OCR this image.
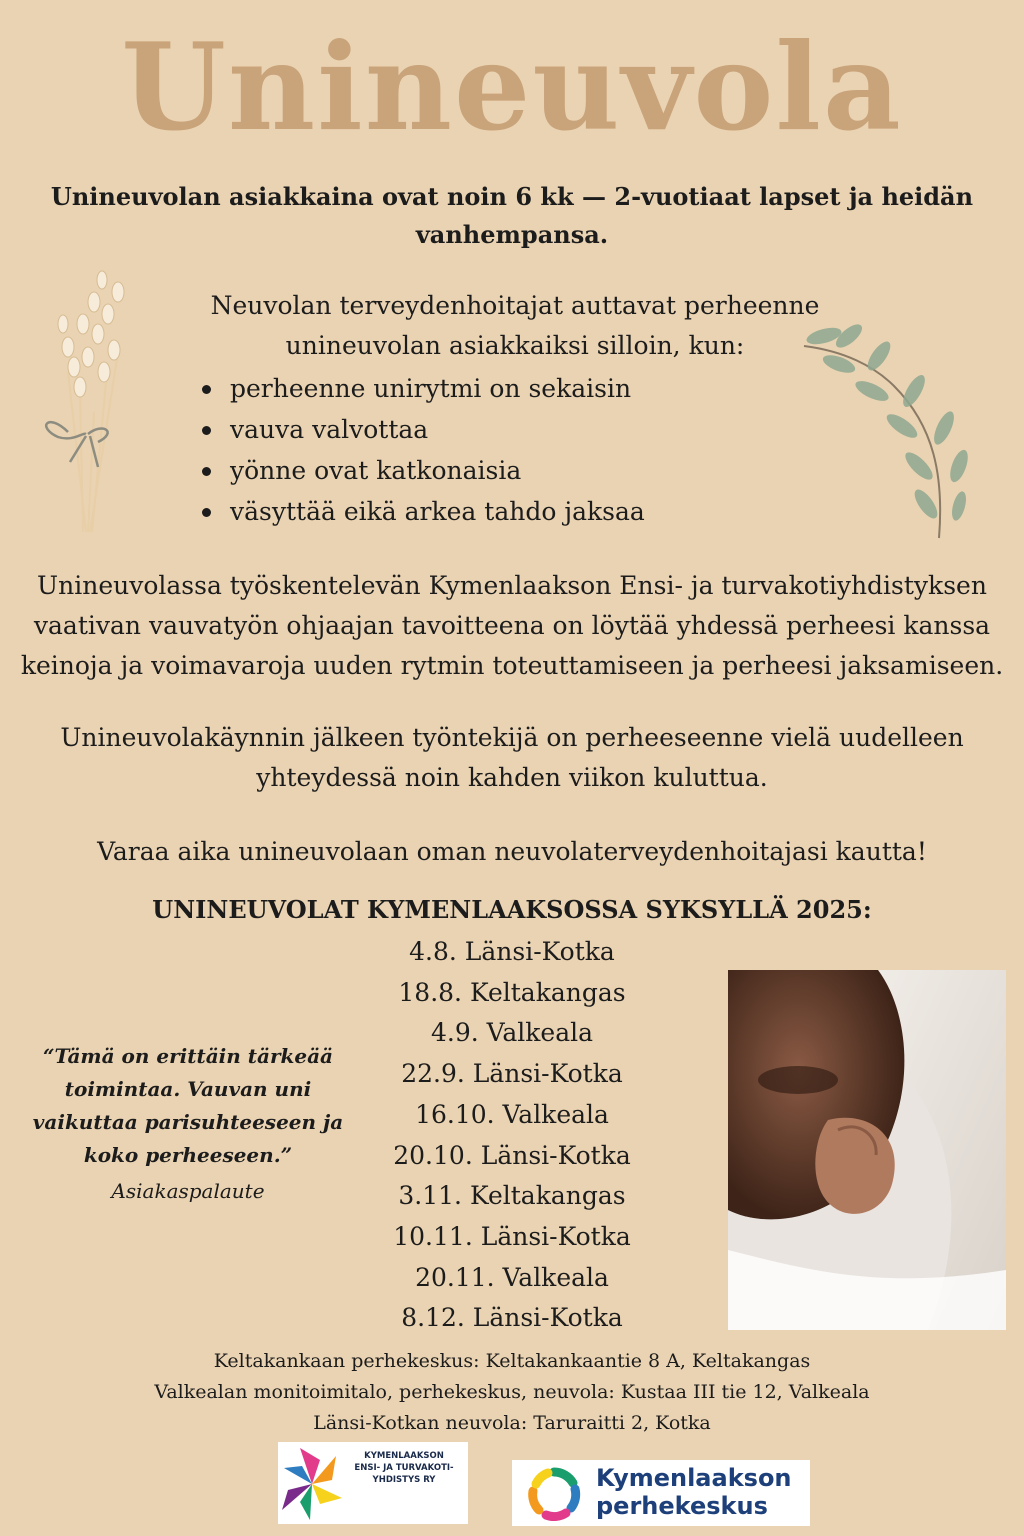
Unineuvola
Unineuvolan asiakkaina ovat noin 6 kk — 2-vuotiaat lapset ja heidän vanhempansa.
Neuvolan terveydenhoitajat auttavat perheenne unineuvolan asiakkaiksi silloin, kun:
perheenne unirytmi on sekaisin
vauva valvottaa
yönne ovat katkonaisia
väsyttää eikä arkea tahdo jaksaa
Unineuvolassa työskentelevän Kymenlaakson Ensi- ja turvakotiyhdistyksen vaativan vauvatyön ohjaajan tavoitteena on löytää yhdessä perheesi kanssa keinoja ja voimavaroja uuden rytmin toteuttamiseen ja perheesi jaksamiseen.
Unineuvolakäynnin jälkeen työntekijä on perheeseenne vielä uudelleen yhteydessä noin kahden viikon kuluttua.
Varaa aika unineuvolaan oman neuvolaterveydenhoitajasi kautta!
UNINEUVOLAT KYMENLAAKSOSSA SYKSYLLÄ 2025:
4.8. Länsi-Kotka
18.8. Keltakangas
4.9. Valkeala
22.9. Länsi-Kotka
16.10. Valkeala
20.10. Länsi-Kotka
3.11. Keltakangas
10.11. Länsi-Kotka
20.11. Valkeala
8.12. Länsi-Kotka
“Tämä on erittäin tärkeää toimintaa. Vauvan uni vaikuttaa parisuhteeseen ja koko perheeseen.”
Asiakaspalaute
Keltakankaan perhekeskus: Keltakankaantie 8 A, Keltakangas
Valkealan monitoimitalo, perhekeskus, neuvola: Kustaa III tie 12, Valkeala
Länsi-Kotkan neuvola: Taruraitti 2, Kotka
KYMENLAAKSON
ENSI- JA TURVAKOTI-
YHDISTYS RY	Kymenlaakson
perhekeskus
